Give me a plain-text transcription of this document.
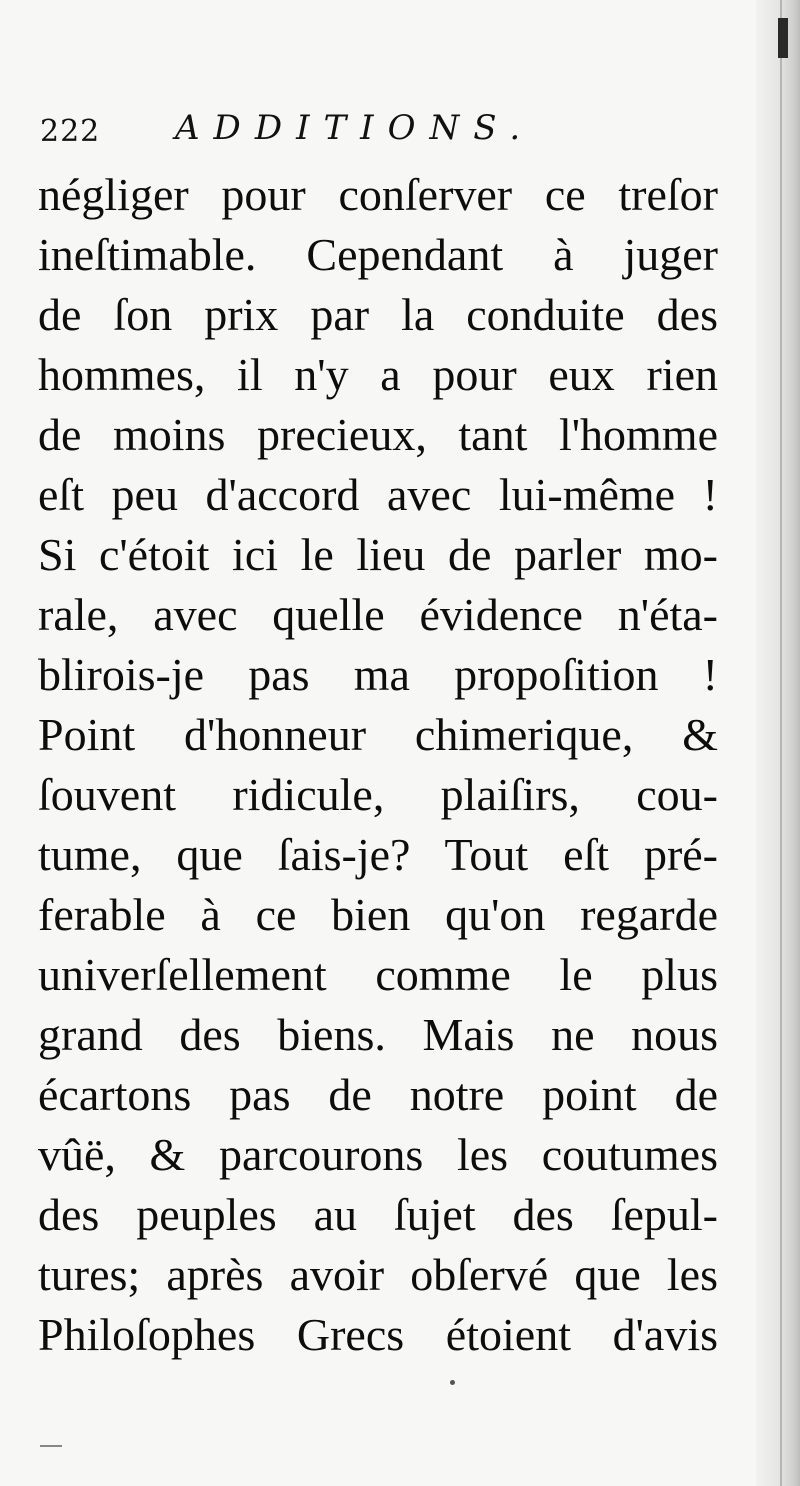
222 ADDITIONS.
négliger pour conſerver ce treſor
ineſtimable. Cependant à juger
de ſon prix par la conduite des
hommes, il n'y a pour eux rien
de moins precieux, tant l'homme
eſt peu d'accord avec lui-même !
Si c'étoit ici le lieu de parler mo-
rale, avec quelle évidence n'éta-
blirois-je pas ma propoſition !
Point d'honneur chimerique, &
ſouvent ridicule, plaiſirs, cou-
tume, que ſais-je? Tout eſt pré-
ferable à ce bien qu'on regarde
univerſellement comme le plus
grand des biens. Mais ne nous
écartons pas de notre point de
vûë, & parcourons les coutumes
des peuples au ſujet des ſepul-
tures; après avoir obſervé que les
Philoſophes Grecs étoient d'avis
